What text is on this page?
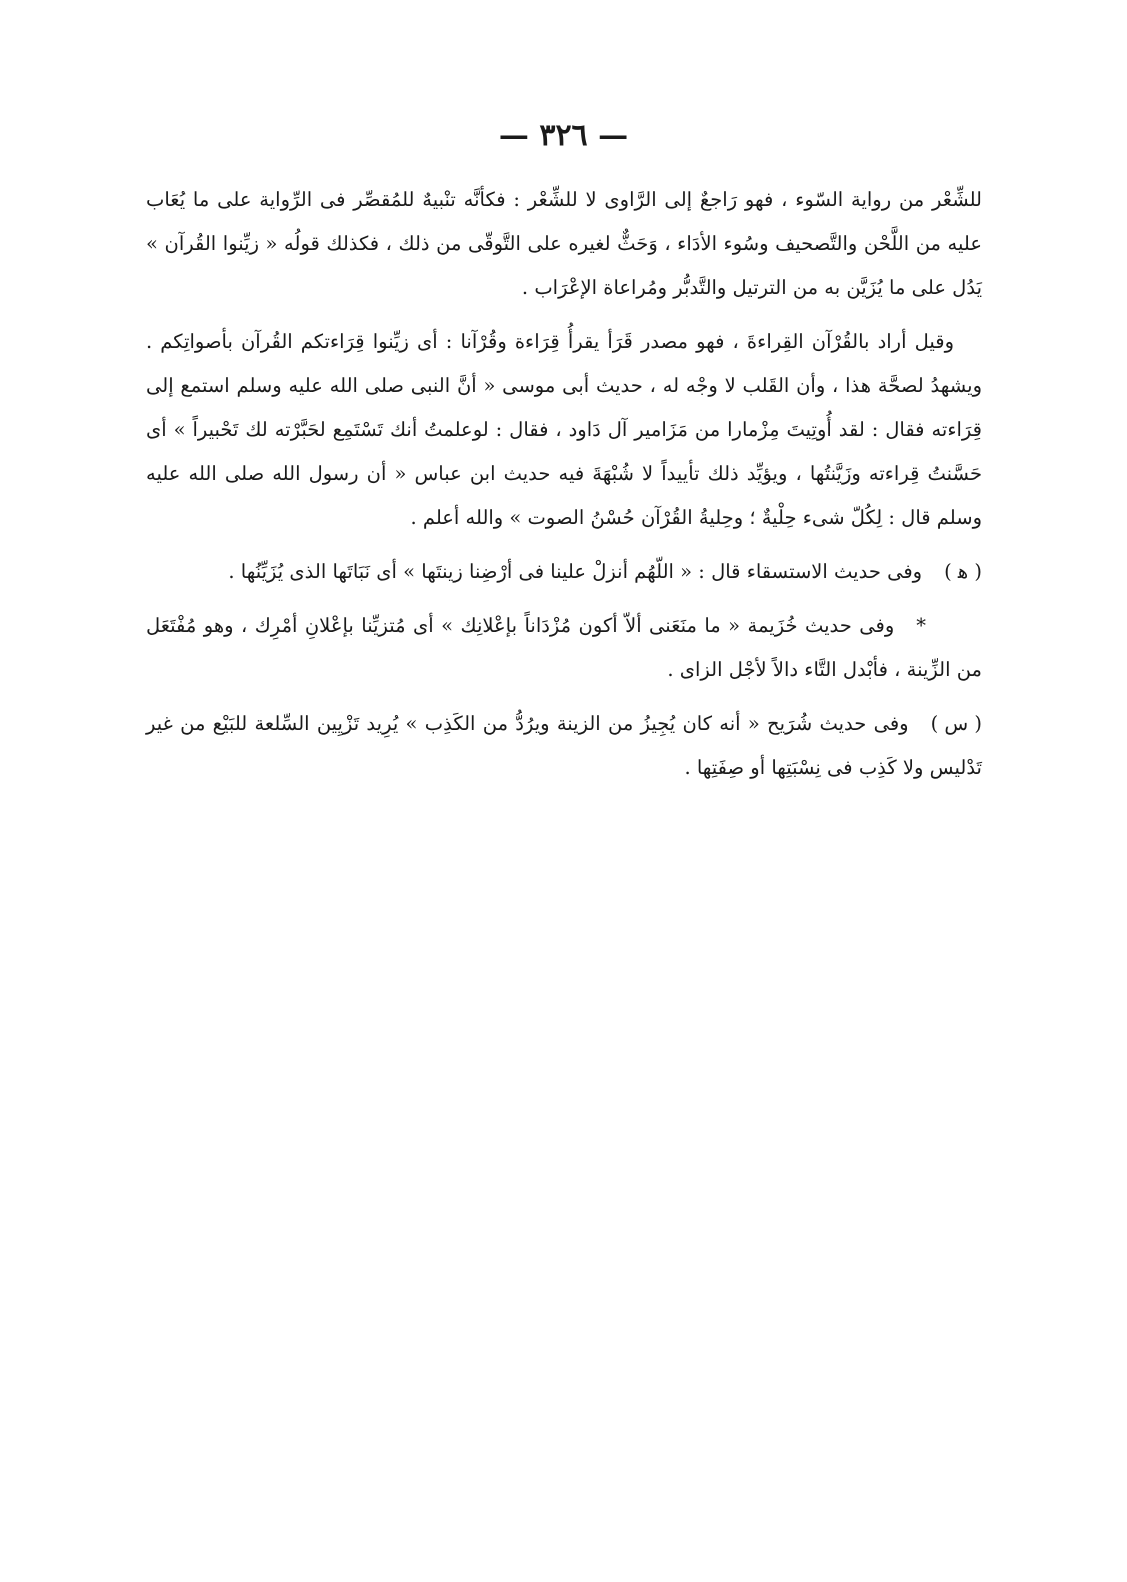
— ٣٢٦ —

للشِّعْر من رواية السّوء ، فهو رَاجعٌ إلى الرَّاوى لا للشِّعْر : فكأنَّه تنْبيهٌ للمُقصِّر فى الرِّواية على ما يُعَاب عليه من اللَّحْن والتَّصحيف وسُوء الأدَاء ، وَحَثٌّ لغيره على التَّوقّى من ذلك ، فكذلك قولُه « زيِّنوا القُرآن » يَدُل على ما يُزَيَّن به من الترتيل والتَّدبُّر ومُراعاة الإعْرَاب .

وقيل أراد بالقُرْآن القِراءةَ ، فهو مصدر قَرَأ يقرأُ قِرَاءة وقُرْآنا : أى زيِّنوا قِرَاءتكم القُرآن بأصواتِكم . ويشهدُ لصحَّة هذا ، وأن القَلب لا وجْه له ، حديث أبى موسى « أنَّ النبى صلى الله عليه وسلم استمع إلى قِرَاءته فقال : لقد أُوتِيتَ مِزْمارا من مَزَامير آل دَاود ، فقال : لوعلمتُ أنك تَسْتَمِع لحَبَّرْته لك تَحْبيراً » أى حَسَّنتُ قِراءته وزَيَّنتُها ، ويؤيِّد ذلك تأييداً لا شُبْهَةَ فيه حديث ابن عباس « أن رسول الله صلى الله عليه وسلم قال : لِكُلّ شىء حِلْيةٌ ؛ وحِليةُ القُرْآن حُسْنُ الصوت » والله أعلم .

( ﻫ )وفى حديث الاستسقاء قال : « اللّهُم أنزلْ علينا فى أرْضِنا زينتَها » أى نَبَاتَها الذى يُزَيِّنُها .

*وفى حديث خُزَيمة « ما منَعَنى ألاّ أكون مُزْدَاناً بإعْلانِك » أى مُتزيِّنا بإعْلانِ أمْرِك ، وهو مُفْتَعَل من الزِّينة ، فأبْدل التَّاء دالاً لأجْل الزاى .

( س )وفى حديث شُرَيح « أنه كان يُجِيزُ من الزينة ويرُدُّ من الكَذِب » يُرِيد تَزْيِين السِّلعة للبَيْع من غير تَدْليس ولا كَذِب فى نِسْبَتِها أو صِفَتِها .
